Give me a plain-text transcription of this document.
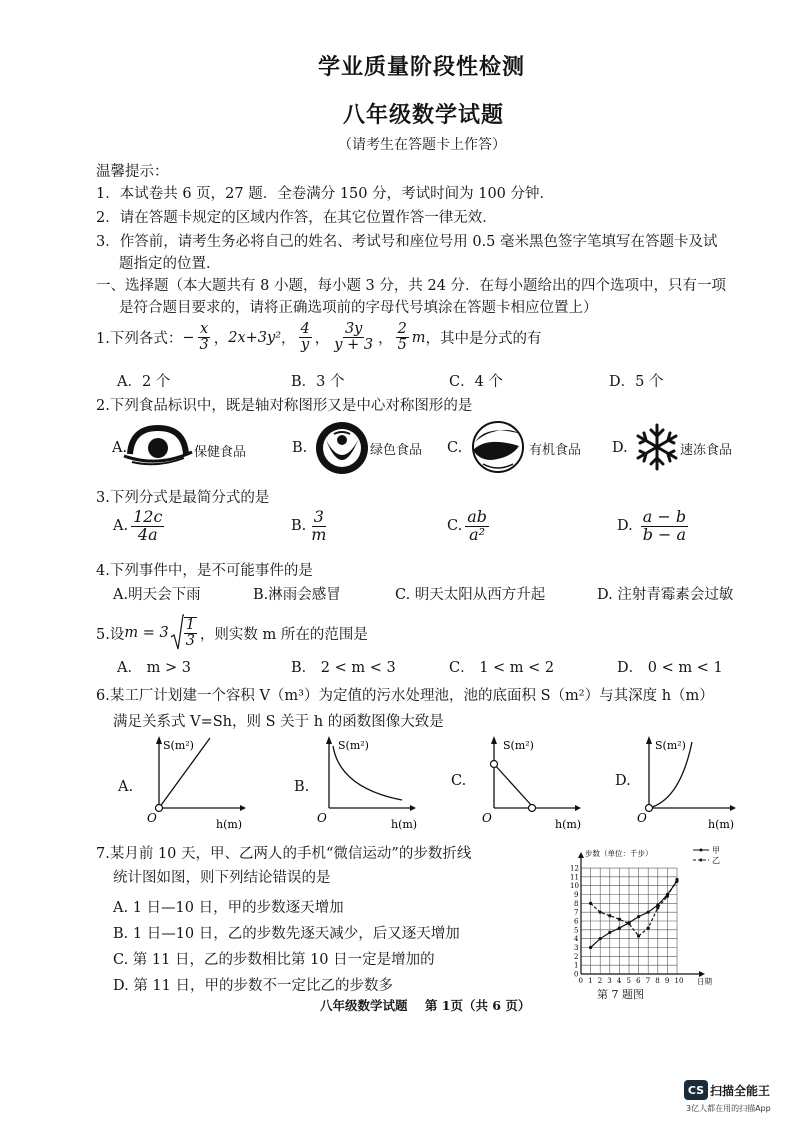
学业质量阶段性检测
八年级数学试题
（请考生在答题卡上作答）
温馨提示：
1．本试卷共 6 页，27 题．全卷满分 150 分，考试时间为 100 分钟．
2．请在答题卡规定的区域内作答，在其它位置作答一律无效．
3．作答前，请考生务必将自己的姓名、考试号和座位号用 0.5 毫米黑色签字笔填写在答题卡及试
题指定的位置．
一、选择题（本大题共有 8 小题，每小题 3 分，共 24 分．在每小题给出的四个选项中，只有一项
是符合题目要求的，请将正确选项前的字母代号填涂在答题卡相应位置上）
1.下列各式： − $\frac{x}{3}$ ， 2x+3y² ， $\frac{4}{y}$ ， $\frac{3y}{y + 3}$ ， $\frac{2}{5}$ m ，其中是分式的有
A．2 个	B．3 个	C．4 个	D．5 个
2.下列食品标识中，既是轴对称图形又是中心对称图形的是
A.	保健食品	B.	绿色食品 C.	有机食品 D.	速冻食品
3.下列分式是最简分式的是
A. $\frac{12c}{4a}$	B. $\frac{3}{m}$	C. $\frac{ab}{\text{a²}}$	D. $\frac{a - b}{b - a}$
4.下列事件中，是不可能事件的是
A.明天会下雨	B.淋雨会感冒	C. 明天太阳从西方升起	D. 注射青霉素会过敏
5.设 $m = 3 \frac{1}{3}$ ，则实数 m 所在的范围是
A． m > 3	B． 2 < m < 3	C． 1 < m < 2	D． 0 < m < 1
6.某工厂计划建一个容积 V（m³）为定值的污水处理池，池的底面积 S（m²）与其深度 h（m）
满足关系式 V=Sh，则 S 关于 h 的函数图像大致是
A.
S(m²)
O	h(m)
B.
S(m²)
O	h(m)
C.
S(m²)
O	h(m)
D.
S(m²)
O	h(m)
7.某月前 10 天，甲、乙两人的手机“微信运动”的步数折线
统计图如图，则下列结论错误的是
A. 1 日—10 日，甲的步数逐天增加
B. 1 日—10 日，乙的步数先逐天减少，后又逐天增加
C. 第 11 日，乙的步数相比第 10 日一定是增加的
D. 第 11 日，甲的步数不一定比乙的步数多	0 1 2 3 4 5 6 7 8 9 10
0
1
2
3
4
5
6
7
8
9
10
11
12
步数（单位：千步）
日期
甲
乙
第 7 题图
八年级数学试题    第 1页（共 6 页）
CS 扫描全能王
3亿人都在用的扫描App
